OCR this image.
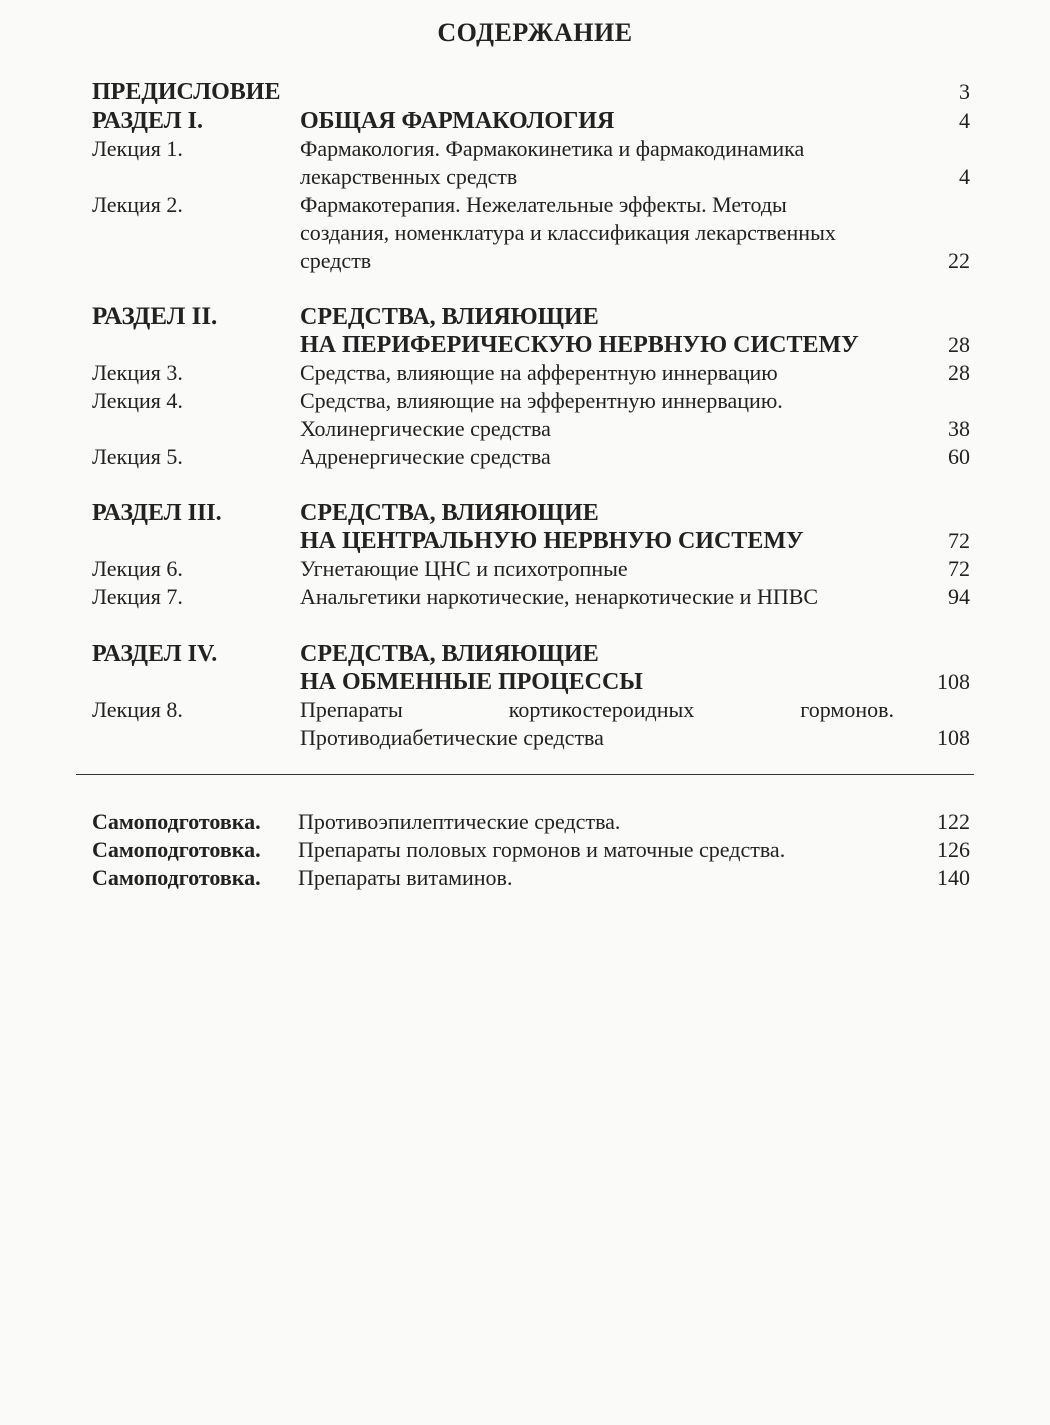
СОДЕРЖАНИЕ
ПРЕДИСЛОВИЕ	3
РАЗДЕЛ I.	ОБЩАЯ ФАРМАКОЛОГИЯ	4
Лекция 1.	Фармакология. Фармакокинетика и фармакодинамика
лекарственных средств	4
Лекция 2.	Фармакотерапия. Нежелательные эффекты. Методы
создания, номенклатура и классификация лекарственных
средств	22
РАЗДЕЛ II.	СРЕДСТВА, ВЛИЯЮЩИЕ
НА ПЕРИФЕРИЧЕСКУЮ НЕРВНУЮ СИСТЕМУ	28
Лекция 3.	Средства, влияющие на афферентную иннервацию	28
Лекция 4.	Средства, влияющие на эфферентную иннервацию.
Холинергические средства	38
Лекция 5.	Адренергические средства	60
РАЗДЕЛ III.	СРЕДСТВА, ВЛИЯЮЩИЕ
НА ЦЕНТРАЛЬНУЮ НЕРВНУЮ СИСТЕМУ	72
Лекция 6.	Угнетающие ЦНС и психотропные	72
Лекция 7.	Анальгетики наркотические, ненаркотические и НПВС	94
РАЗДЕЛ IV.	СРЕДСТВА, ВЛИЯЮЩИЕ
НА ОБМЕННЫЕ ПРОЦЕССЫ	108
Лекция 8.	Препараты кортикостероидных гормонов.
Противодиабетические средства	108
Самоподготовка. Противоэпилептические средства.	122
Самоподготовка. Препараты половых гормонов и маточные средства.	126
Самоподготовка. Препараты витаминов.	140
